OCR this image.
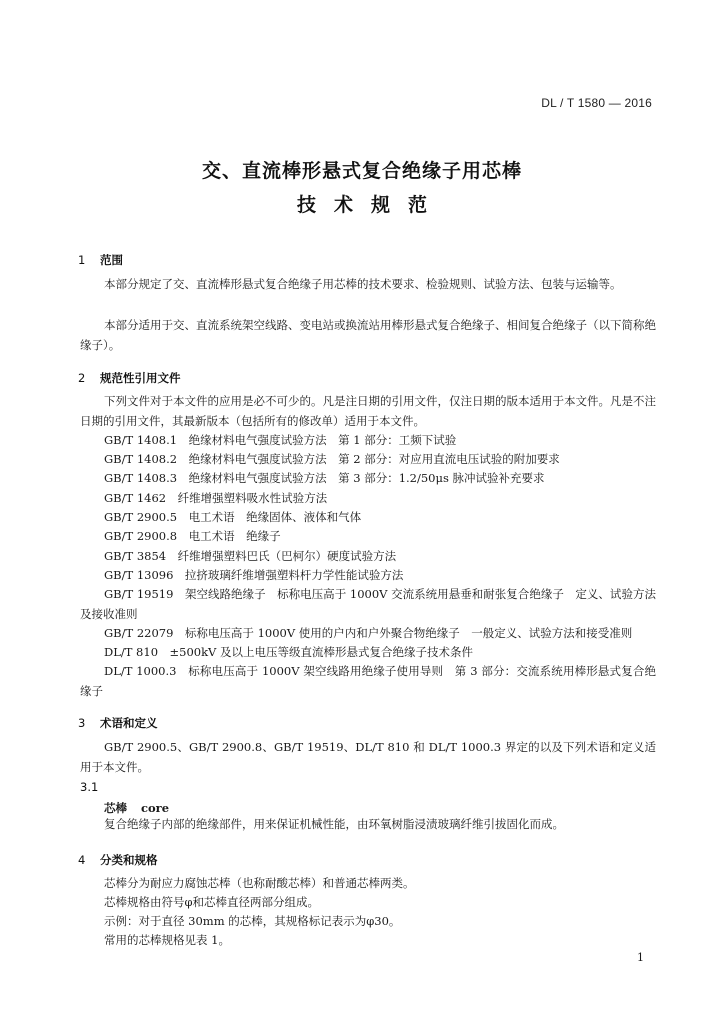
DL / T 1580 — 2016
交、直流棒形悬式复合绝缘子用芯棒
技术规范
1 范围
本部分规定了交、直流棒形悬式复合绝缘子用芯棒的技术要求、检验规则、试验方法、包装与运输等。
本部分适用于交、直流系统架空线路、变电站或换流站用棒形悬式复合绝缘子、相间复合绝缘子（以下简称绝缘子）。
2 规范性引用文件
下列文件对于本文件的应用是必不可少的。凡是注日期的引用文件，仅注日期的版本适用于本文件。凡是不注日期的引用文件，其最新版本（包括所有的修改单）适用于本文件。
GB/T 1408.1　绝缘材料电气强度试验方法　第 1 部分：工频下试验
GB/T 1408.2　绝缘材料电气强度试验方法　第 2 部分：对应用直流电压试验的附加要求
GB/T 1408.3　绝缘材料电气强度试验方法　第 3 部分：1.2/50μs 脉冲试验补充要求
GB/T 1462　纤维增强塑料吸水性试验方法
GB/T 2900.5　电工术语　绝缘固体、液体和气体
GB/T 2900.8　电工术语　绝缘子
GB/T 3854　纤维增强塑料巴氏（巴柯尔）硬度试验方法
GB/T 13096　拉挤玻璃纤维增强塑料杆力学性能试验方法
GB/T 19519　架空线路绝缘子　标称电压高于 1000V 交流系统用悬垂和耐张复合绝缘子　定义、试验方法及接收准则
GB/T 22079　标称电压高于 1000V 使用的户内和户外聚合物绝缘子　一般定义、试验方法和接受准则
DL/T 810　±500kV 及以上电压等级直流棒形悬式复合绝缘子技术条件
DL/T 1000.3　标称电压高于 1000V 架空线路用绝缘子使用导则　第 3 部分：交流系统用棒形悬式复合绝缘子
3 术语和定义
GB/T 2900.5、GB/T 2900.8、GB/T 19519、DL/T 810 和 DL/T 1000.3 界定的以及下列术语和定义适用于本文件。
3.1
芯棒 core
复合绝缘子内部的绝缘部件，用来保证机械性能，由环氧树脂浸渍玻璃纤维引拔固化而成。
4 分类和规格
芯棒分为耐应力腐蚀芯棒（也称耐酸芯棒）和普通芯棒两类。
芯棒规格由符号φ和芯棒直径两部分组成。
示例：对于直径 30mm 的芯棒，其规格标记表示为φ30。
常用的芯棒规格见表 1。
1
